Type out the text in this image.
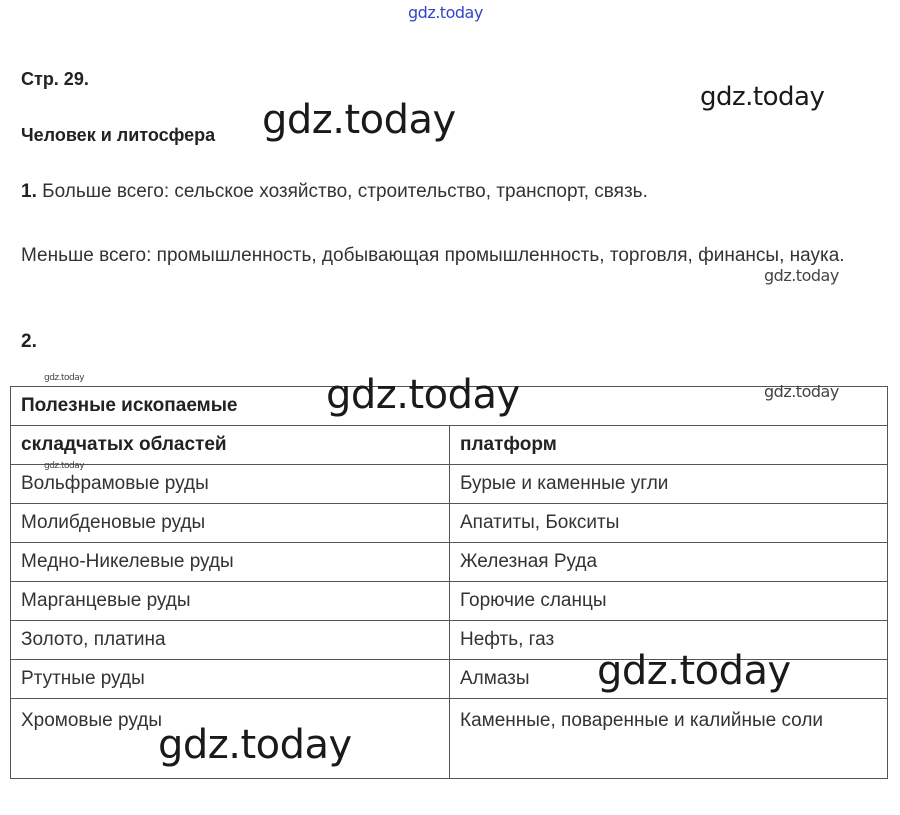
Стр. 29.
Человек и литосфера
1. Больше всего: сельское хозяйство, строительство, транспорт, связь.
Меньше всего: промышленность, добывающая промышленность, торговля, финансы, наука.
2.
Полезные ископаемые	
складчатых областей	платформ
Вольфрамовые руды	Бурые и каменные угли
Молибденовые руды	Апатиты, Бокситы
Медно-Никелевые руды	Железная Руда
Марганцевые руды	Горючие сланцы
Золото, платина	Нефть, газ
Ртутные руды	Алмазы
Хромовые руды	Каменные, поваренные и калийные соли
gdz.today
gdz.today
gdz.today
gdz.today
gdz.today	gdz.today	gdz.today
gdz.today
gdz.today
gdz.today
